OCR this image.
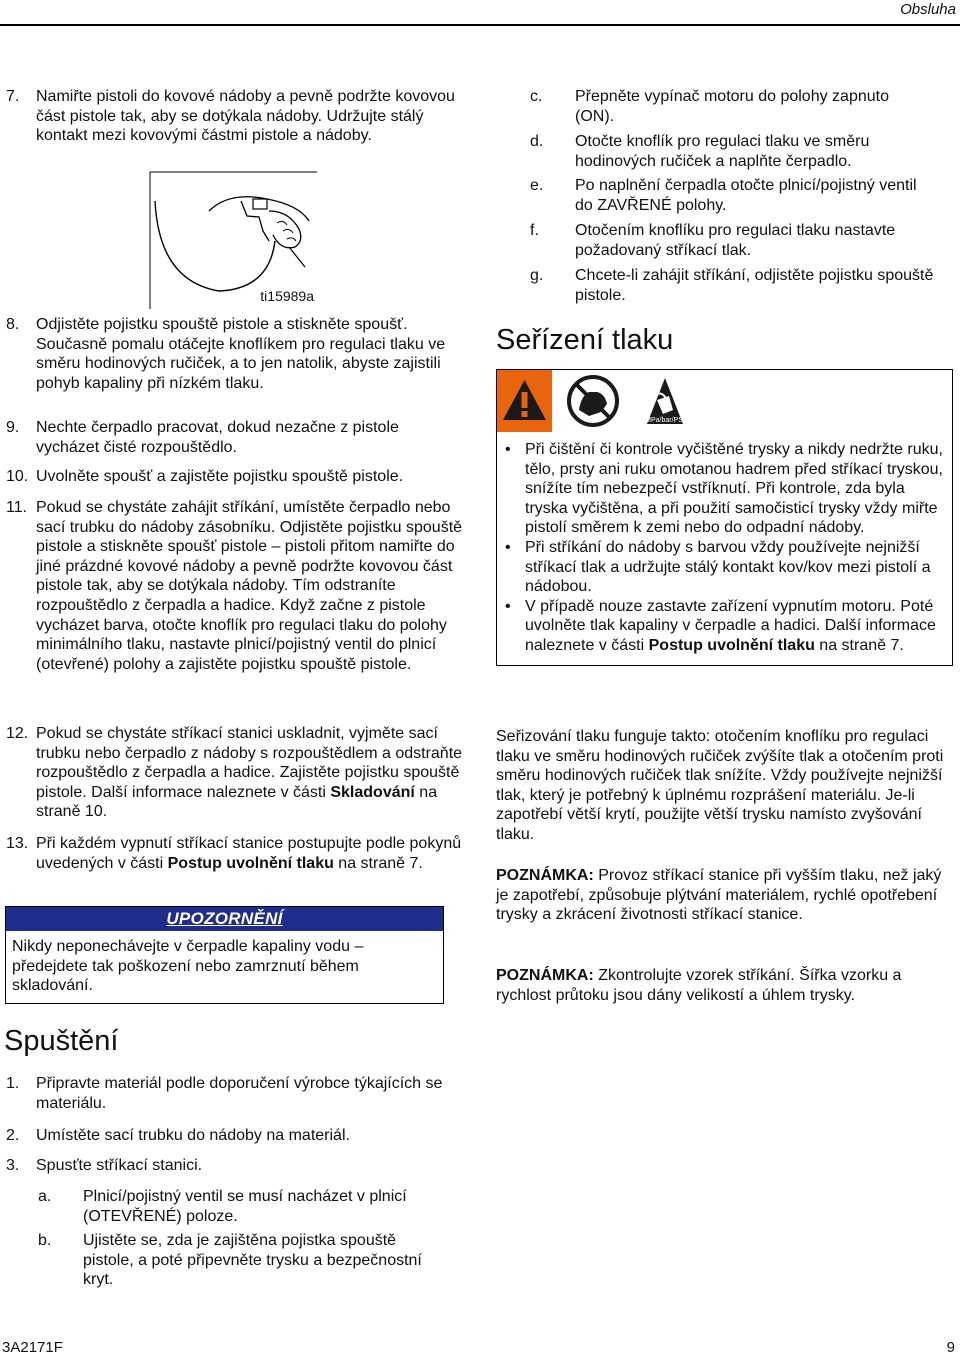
Obsluha
7. Namiřte pistoli do kovové nádoby a pevně podržte kovovou část pistole tak, aby se dotýkala nádoby. Udržujte stálý kontakt mezi kovovými částmi pistole a nádoby.
ti15989a
8. Odjistěte pojistku spouště pistole a stiskněte spoušť. Současně pomalu otáčejte knoflíkem pro regulaci tlaku ve směru hodinových ručiček, a to jen natolik, abyste zajistili pohyb kapaliny při nízkém tlaku.
9. Nechte čerpadlo pracovat, dokud nezačne z pistole vycházet čisté rozpouštědlo.
10. Uvolněte spoušť a zajistěte pojistku spouště pistole.
11. Pokud se chystáte zahájit stříkání, umístěte čerpadlo nebo sací trubku do nádoby zásobníku. Odjistěte pojistku spouště pistole a stiskněte spoušť pistole – pistoli přitom namiřte do jiné prázdné kovové nádoby a pevně podržte kovovou část pistole tak, aby se dotýkala nádoby. Tím odstraníte rozpouštědlo z čerpadla a hadice. Když začne z pistole vycházet barva, otočte knoflík pro regulaci tlaku do polohy minimálního tlaku, nastavte plnicí/pojistný ventil do plnicí (otevřené) polohy a zajistěte pojistku spouště pistole.
12. Pokud se chystáte stříkací stanici uskladnit, vyjměte sací trubku nebo čerpadlo z nádoby s rozpouštědlem a odstraňte rozpouštědlo z čerpadla a hadice. Zajistěte pojistku spouště pistole. Další informace naleznete v části Skladování na straně 10.
13. Při každém vypnutí stříkací stanice postupujte podle pokynů uvedených v části Postup uvolnění tlaku na straně 7.
UPOZORNĚNÍ
Nikdy neponechávejte v čerpadle kapaliny vodu – předejdete tak poškození nebo zamrznutí během skladování.
Spuštění
1. Připravte materiál podle doporučení výrobce týkajících se materiálu.
2. Umístěte sací trubku do nádoby na materiál.
3. Spusťte stříkací stanici.
a. Plnicí/pojistný ventil se musí nacházet v plnicí (OTEVŘENÉ) poloze.
b. Ujistěte se, zda je zajištěna pojistka spouště pistole, a poté připevněte trysku a bezpečnostní kryt.
c. Přepněte vypínač motoru do polohy zapnuto (ON).
d. Otočte knoflík pro regulaci tlaku ve směru hodinových ručiček a naplňte čerpadlo.
e. Po naplnění čerpadla otočte plnicí/pojistný ventil do ZAVŘENÉ polohy.
f. Otočením knoflíku pro regulaci tlaku nastavte požadovaný stříkací tlak.
g. Chcete-li zahájit stříkání, odjistěte pojistku spouště pistole.
Seřízení tlaku
MPa/bar/PSI
• Při čištění či kontrole vyčištěné trysky a nikdy nedržte ruku, tělo, prsty ani ruku omotanou hadrem před stříkací tryskou, snížíte tím nebezpečí vstříknutí. Při kontrole, zda byla tryska vyčištěna, a při použití samočisticí trysky vždy miřte pistolí směrem k zemi nebo do odpadní nádoby.
• Při stříkání do nádoby s barvou vždy používejte nejnižší stříkací tlak a udržujte stálý kontakt kov/kov mezi pistolí a nádobou.
• V případě nouze zastavte zařízení vypnutím motoru. Poté uvolněte tlak kapaliny v čerpadle a hadici. Další informace naleznete v části Postup uvolnění tlaku na straně 7.
Seřizování tlaku funguje takto: otočením knoflíku pro regulaci tlaku ve směru hodinových ručiček zvýšíte tlak a otočením proti směru hodinových ručiček tlak snížíte. Vždy používejte nejnižší tlak, který je potřebný k úplnému rozprášení materiálu. Je-li zapotřebí větší krytí, použijte větší trysku namísto zvyšování tlaku.
POZNÁMKA: Provoz stříkací stanice při vyšším tlaku, než jaký je zapotřebí, způsobuje plýtvání materiálem, rychlé opotřebení trysky a zkrácení životnosti stříkací stanice.
POZNÁMKA: Zkontrolujte vzorek stříkání. Šířka vzorku a rychlost průtoku jsou dány velikostí a úhlem trysky.
3A2171F	9
